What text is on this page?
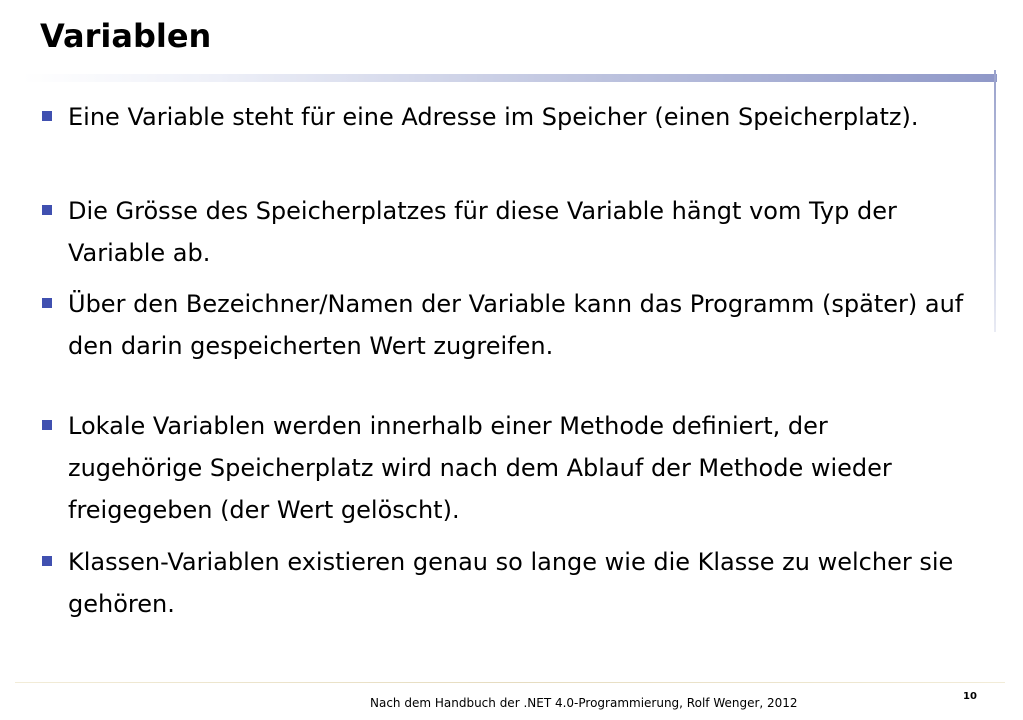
Variablen
Eine Variable steht für eine Adresse im Speicher (einen Speicherplatz).
Die Grösse des Speicherplatzes für diese Variable hängt vom Typ der Variable ab.
Über den Bezeichner/Namen der Variable kann das Programm (später) auf den darin gespeicherten Wert zugreifen.
Lokale Variablen werden innerhalb einer Methode definiert, der zugehörige Speicherplatz wird nach dem Ablauf der Methode wieder freigegeben (der Wert gelöscht).
Klassen-Variablen existieren genau so lange wie die Klasse zu welcher sie gehören.
Nach dem Handbuch der .NET 4.0-Programmierung, Rolf Wenger, 2012	10
